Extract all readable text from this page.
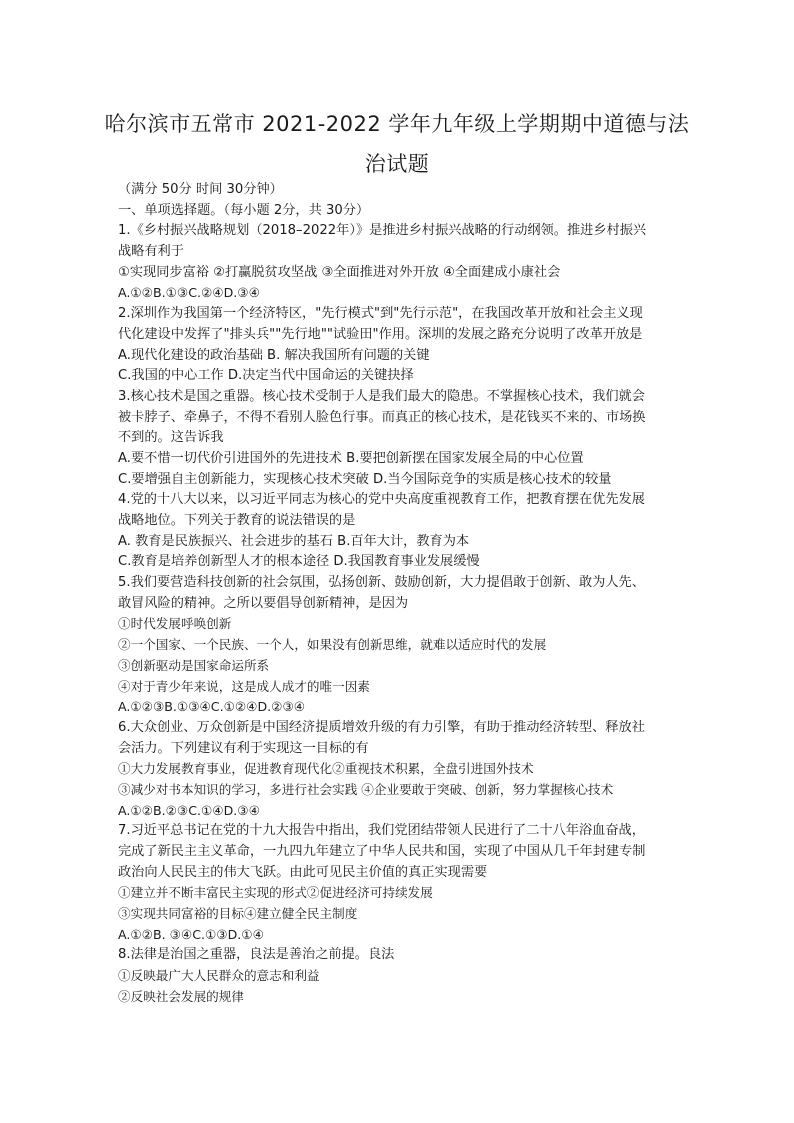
哈尔滨市五常市 2021-2022 学年九年级上学期期中道德与法
治试题
（满分 50分 时间 30分钟）
一、单项选择题。（每小题 2分，共 30分）
1.《乡村振兴战略规划（2018–2022年）》是推进乡村振兴战略的行动纲领。推进乡村振兴
战略有利于
①实现同步富裕 ②打赢脱贫攻坚战 ③全面推进对外开放 ④全面建成小康社会
A.①②B.①③C.②④D.③④
2.深圳作为我国第一个经济特区，"先行模式"到"先行示范"，在我国改革开放和社会主义现
代化建设中发挥了"排头兵""先行地""试验田"作用。深圳的发展之路充分说明了改革开放是
A.现代化建设的政治基础 B. 解决我国所有问题的关键
C.我国的中心工作 D.决定当代中国命运的关键抉择
3.核心技术是国之重器。核心技术受制于人是我们最大的隐患。不掌握核心技术，我们就会
被卡脖子、牵鼻子，不得不看别人脸色行事。而真正的核心技术，是花钱买不来的、市场换
不到的。这告诉我
A.要不惜一切代价引进国外的先进技术 B.要把创新摆在国家发展全局的中心位置
C.要增强自主创新能力，实现核心技术突破 D.当今国际竞争的实质是核心技术的较量
4.党的十八大以来，以习近平同志为核心的党中央高度重视教育工作，把教育摆在优先发展
战略地位。下列关于教育的说法错误的是
A. 教育是民族振兴、社会进步的基石 B.百年大计，教育为本
C.教育是培养创新型人才的根本途径 D.我国教育事业发展缓慢
5.我们要营造科技创新的社会氛围，弘扬创新、鼓励创新，大力提倡敢于创新、敢为人先、
敢冒风险的精神。之所以要倡导创新精神，是因为
①时代发展呼唤创新
②一个国家、一个民族、一个人，如果没有创新思维，就难以适应时代的发展
③创新驱动是国家命运所系
④对于青少年来说，这是成人成才的唯一因素
A.①②③B.①③④C.①②④D.②③④
6.大众创业、万众创新是中国经济提质增效升级的有力引擎，有助于推动经济转型、释放社
会活力。下列建议有利于实现这一目标的有
①大力发展教育事业，促进教育现代化②重视技术积累，全盘引进国外技术
③减少对书本知识的学习，多进行社会实践 ④企业要敢于突破、创新，努力掌握核心技术
A.①②B.②③C.①④D.③④
7.习近平总书记在党的十九大报告中指出，我们党团结带领人民进行了二十八年浴血奋战，
完成了新民主主义革命，一九四九年建立了中华人民共和国，实现了中国从几千年封建专制
政治向人民民主的伟大飞跃。由此可见民主价值的真正实现需要
①建立并不断丰富民主实现的形式②促进经济可持续发展
③实现共同富裕的目标④建立健全民主制度
A.①②B. ③④C.①③D.①④
8.法律是治国之重器，良法是善治之前提。良法
①反映最广大人民群众的意志和利益
②反映社会发展的规律
